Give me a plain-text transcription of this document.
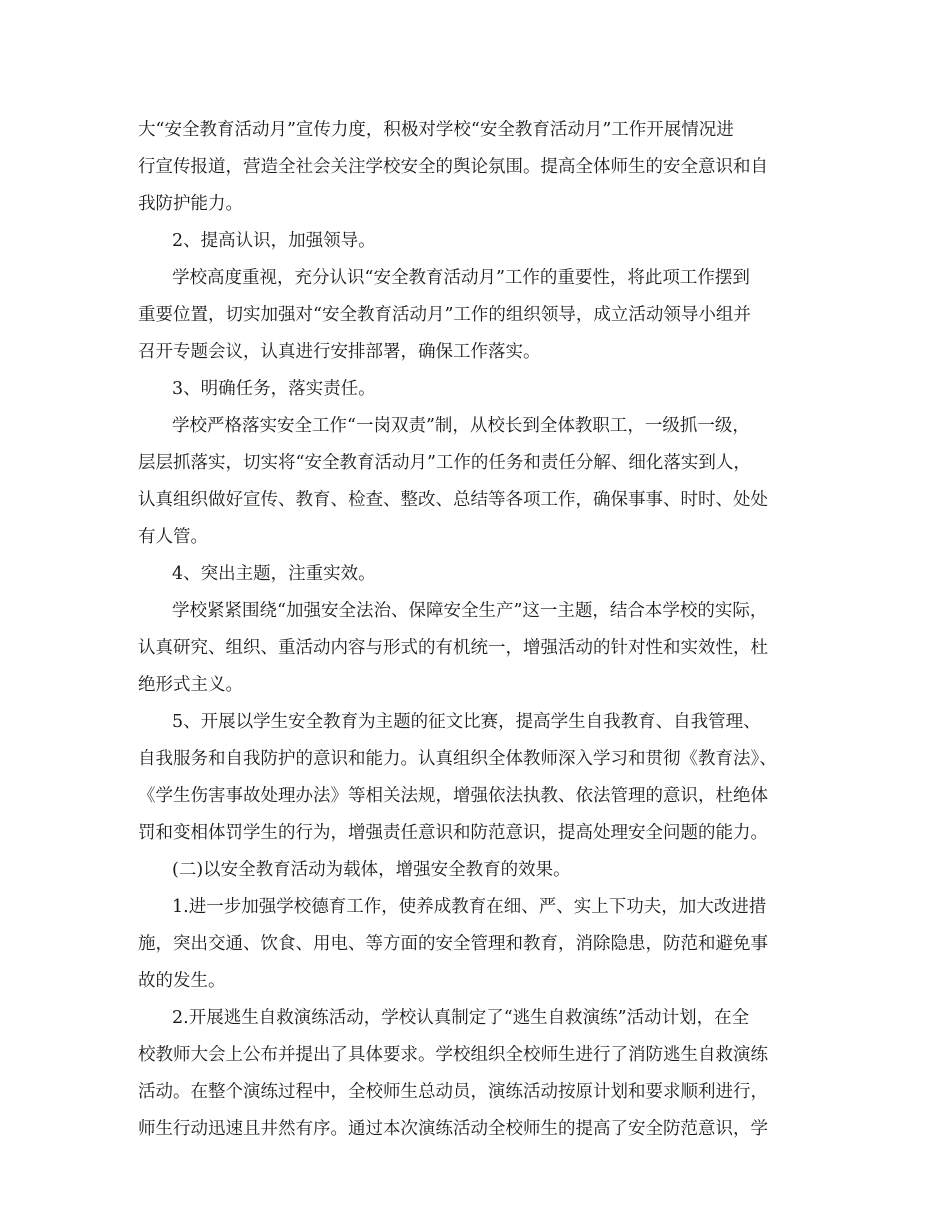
大“安全教育活动月”宣传力度，积极对学校“安全教育活动月”工作开展情况进
行宣传报道，营造全社会关注学校安全的舆论氛围。提高全体师生的安全意识和自
我防护能力。
2、提高认识，加强领导。
学校高度重视，充分认识“安全教育活动月”工作的重要性，将此项工作摆到
重要位置，切实加强对“安全教育活动月”工作的组织领导，成立活动领导小组并
召开专题会议，认真进行安排部署，确保工作落实。
3、明确任务，落实责任。
学校严格落实安全工作“一岗双责”制，从校长到全体教职工，一级抓一级，
层层抓落实，切实将“安全教育活动月”工作的任务和责任分解、细化落实到人，
认真组织做好宣传、教育、检查、整改、总结等各项工作，确保事事、时时、处处
有人管。
4、突出主题，注重实效。
学校紧紧围绕“加强安全法治、保障安全生产”这一主题，结合本学校的实际，
认真研究、组织、重活动内容与形式的有机统一，增强活动的针对性和实效性，杜
绝形式主义。
5、开展以学生安全教育为主题的征文比赛，提高学生自我教育、自我管理、
自我服务和自我防护的意识和能力。认真组织全体教师深入学习和贯彻《教育法》、
《学生伤害事故处理办法》等相关法规，增强依法执教、依法管理的意识，杜绝体
罚和变相体罚学生的行为，增强责任意识和防范意识，提高处理安全问题的能力。
(二)以安全教育活动为载体，增强安全教育的效果。
1.进一步加强学校德育工作，使养成教育在细、严、实上下功夫，加大改进措
施，突出交通、饮食、用电、等方面的安全管理和教育，消除隐患，防范和避免事
故的发生。
2.开展逃生自救演练活动，学校认真制定了“逃生自救演练”活动计划，在全
校教师大会上公布并提出了具体要求。学校组织全校师生进行了消防逃生自救演练
活动。在整个演练过程中，全校师生总动员，演练活动按原计划和要求顺利进行，
师生行动迅速且井然有序。通过本次演练活动全校师生的提高了安全防范意识，学
